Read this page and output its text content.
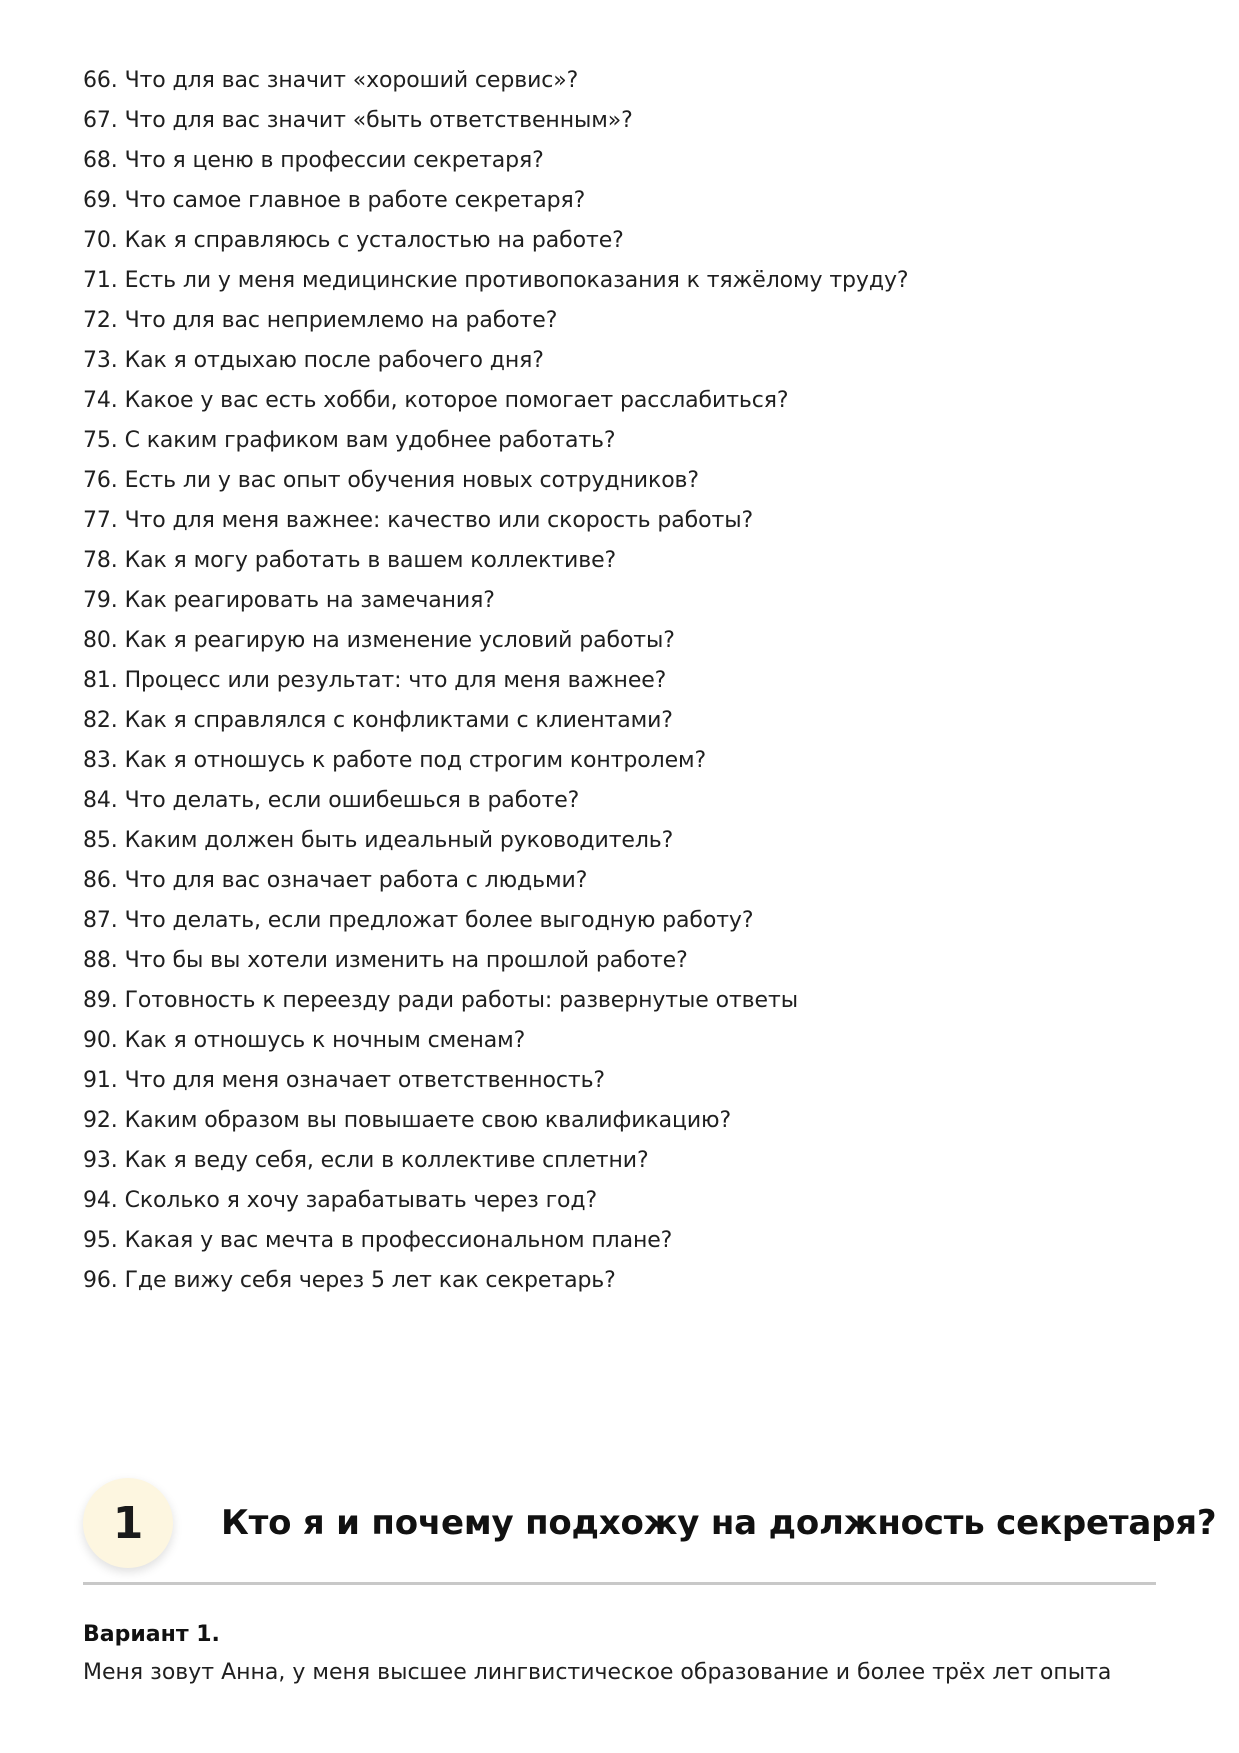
66. Что для вас значит «хороший сервис»?
67. Что для вас значит «быть ответственным»?
68. Что я ценю в профессии секретаря?
69. Что самое главное в работе секретаря?
70. Как я справляюсь с усталостью на работе?
71. Есть ли у меня медицинские противопоказания к тяжёлому труду?
72. Что для вас неприемлемо на работе?
73. Как я отдыхаю после рабочего дня?
74. Какое у вас есть хобби, которое помогает расслабиться?
75. С каким графиком вам удобнее работать?
76. Есть ли у вас опыт обучения новых сотрудников?
77. Что для меня важнее: качество или скорость работы?
78. Как я могу работать в вашем коллективе?
79. Как реагировать на замечания?
80. Как я реагирую на изменение условий работы?
81. Процесс или результат: что для меня важнее?
82. Как я справлялся с конфликтами с клиентами?
83. Как я отношусь к работе под строгим контролем?
84. Что делать, если ошибешься в работе?
85. Каким должен быть идеальный руководитель?
86. Что для вас означает работа с людьми?
87. Что делать, если предложат более выгодную работу?
88. Что бы вы хотели изменить на прошлой работе?
89. Готовность к переезду ради работы: развернутые ответы
90. Как я отношусь к ночным сменам?
91. Что для меня означает ответственность?
92. Каким образом вы повышаете свою квалификацию?
93. Как я веду себя, если в коллективе сплетни?
94. Сколько я хочу зарабатывать через год?
95. Какая у вас мечта в профессиональном плане?
96. Где вижу себя через 5 лет как секретарь?
1	Кто я и почему подхожу на должность секретаря?
Вариант 1.
Меня зовут Анна, у меня высшее лингвистическое образование и более трёх лет опыта
